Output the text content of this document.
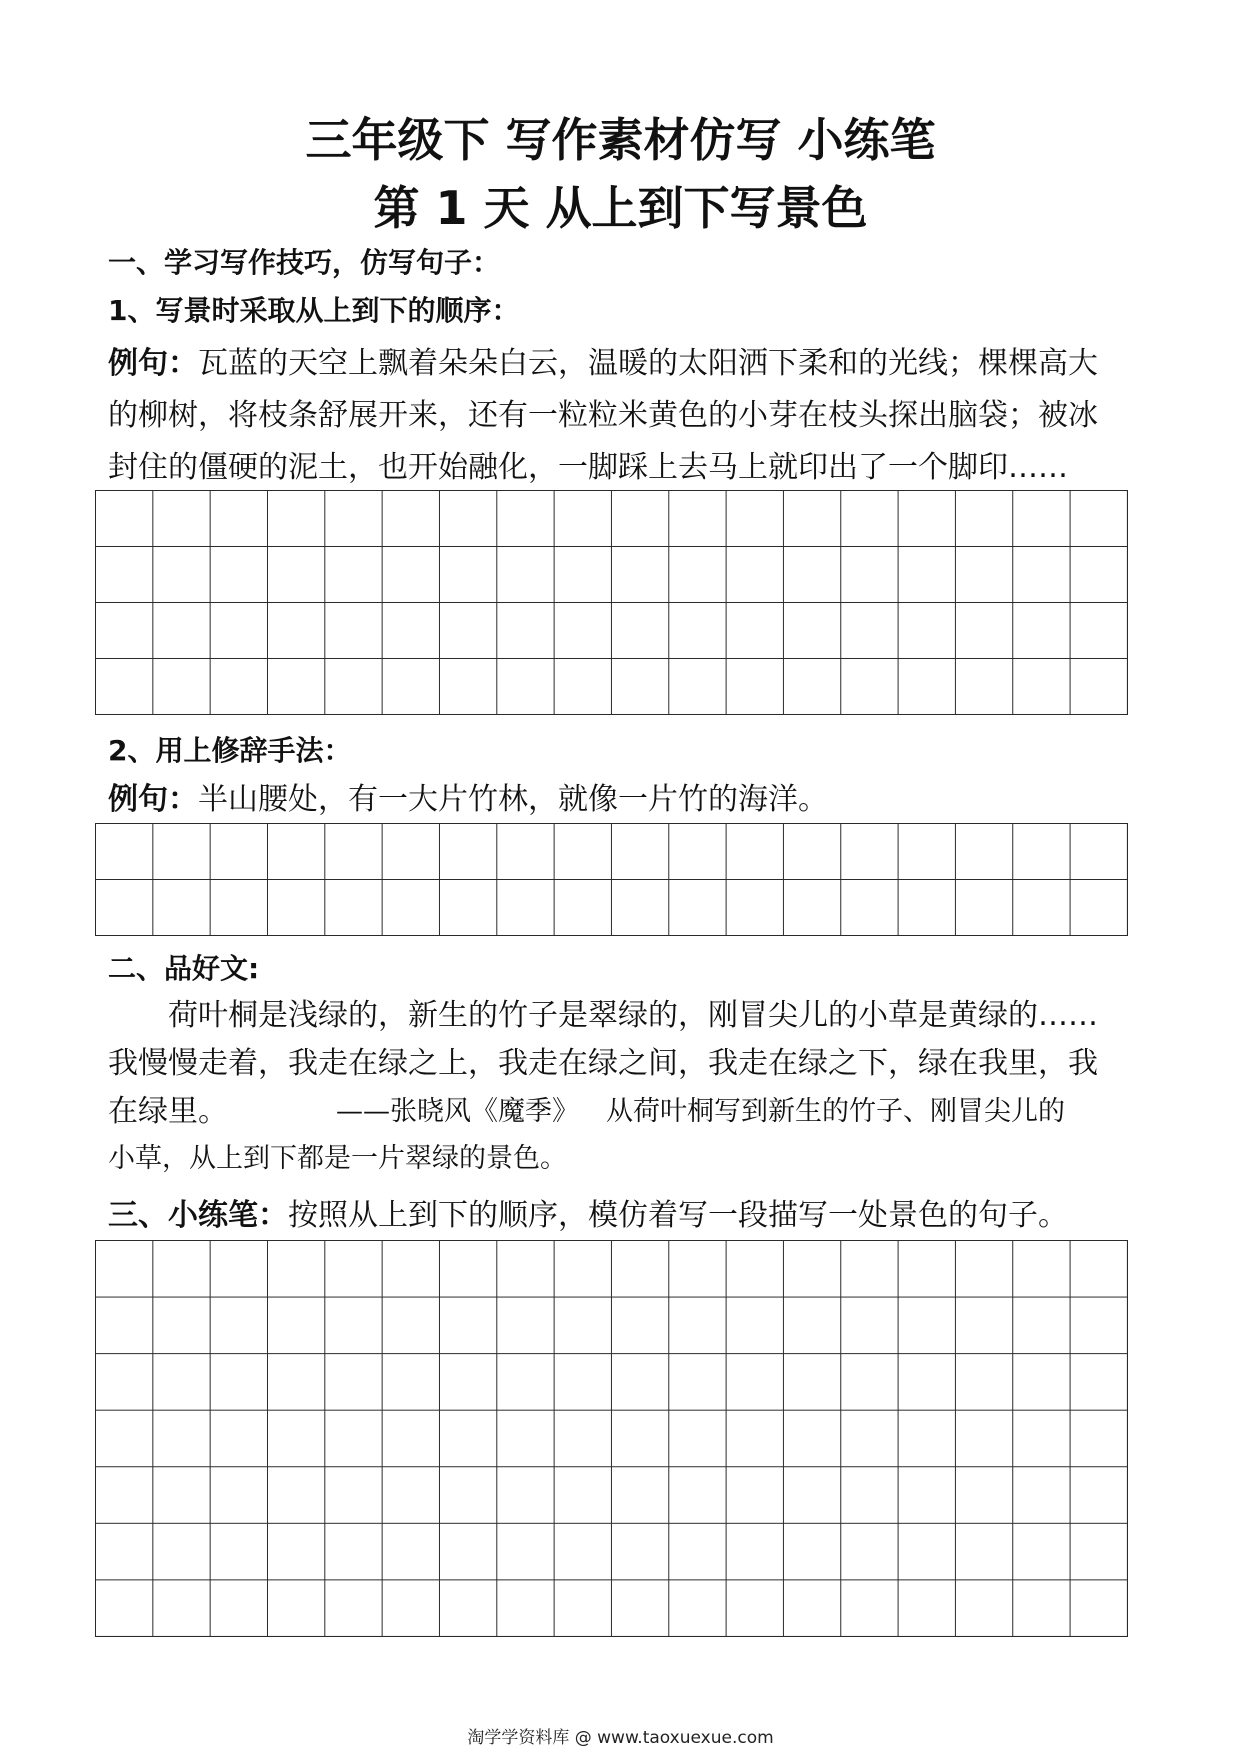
三年级下 写作素材仿写 小练笔
第 1 天 从上到下写景色
一、学习写作技巧，仿写句子：
1、写景时采取从上到下的顺序：
例句：瓦蓝的天空上飘着朵朵白云，温暖的太阳洒下柔和的光线；棵棵高大
的柳树，将枝条舒展开来，还有一粒粒米黄色的小芽在枝头探出脑袋；被冰
封住的僵硬的泥土，也开始融化，一脚踩上去马上就印出了一个脚印……
2、用上修辞手法：
例句：半山腰处，有一大片竹林，就像一片竹的海洋。
二、品好文:
荷叶桐是浅绿的，新生的竹子是翠绿的，刚冒尖儿的小草是黄绿的……
我慢慢走着，我走在绿之上，我走在绿之间，我走在绿之下，绿在我里，我
在绿里。	——张晓风《魔季》 从荷叶桐写到新生的竹子、刚冒尖儿的
小草，从上到下都是一片翠绿的景色。
三、小练笔：按照从上到下的顺序，模仿着写一段描写一处景色的句子。
淘学学资料库 @ www.taoxuexue.com
